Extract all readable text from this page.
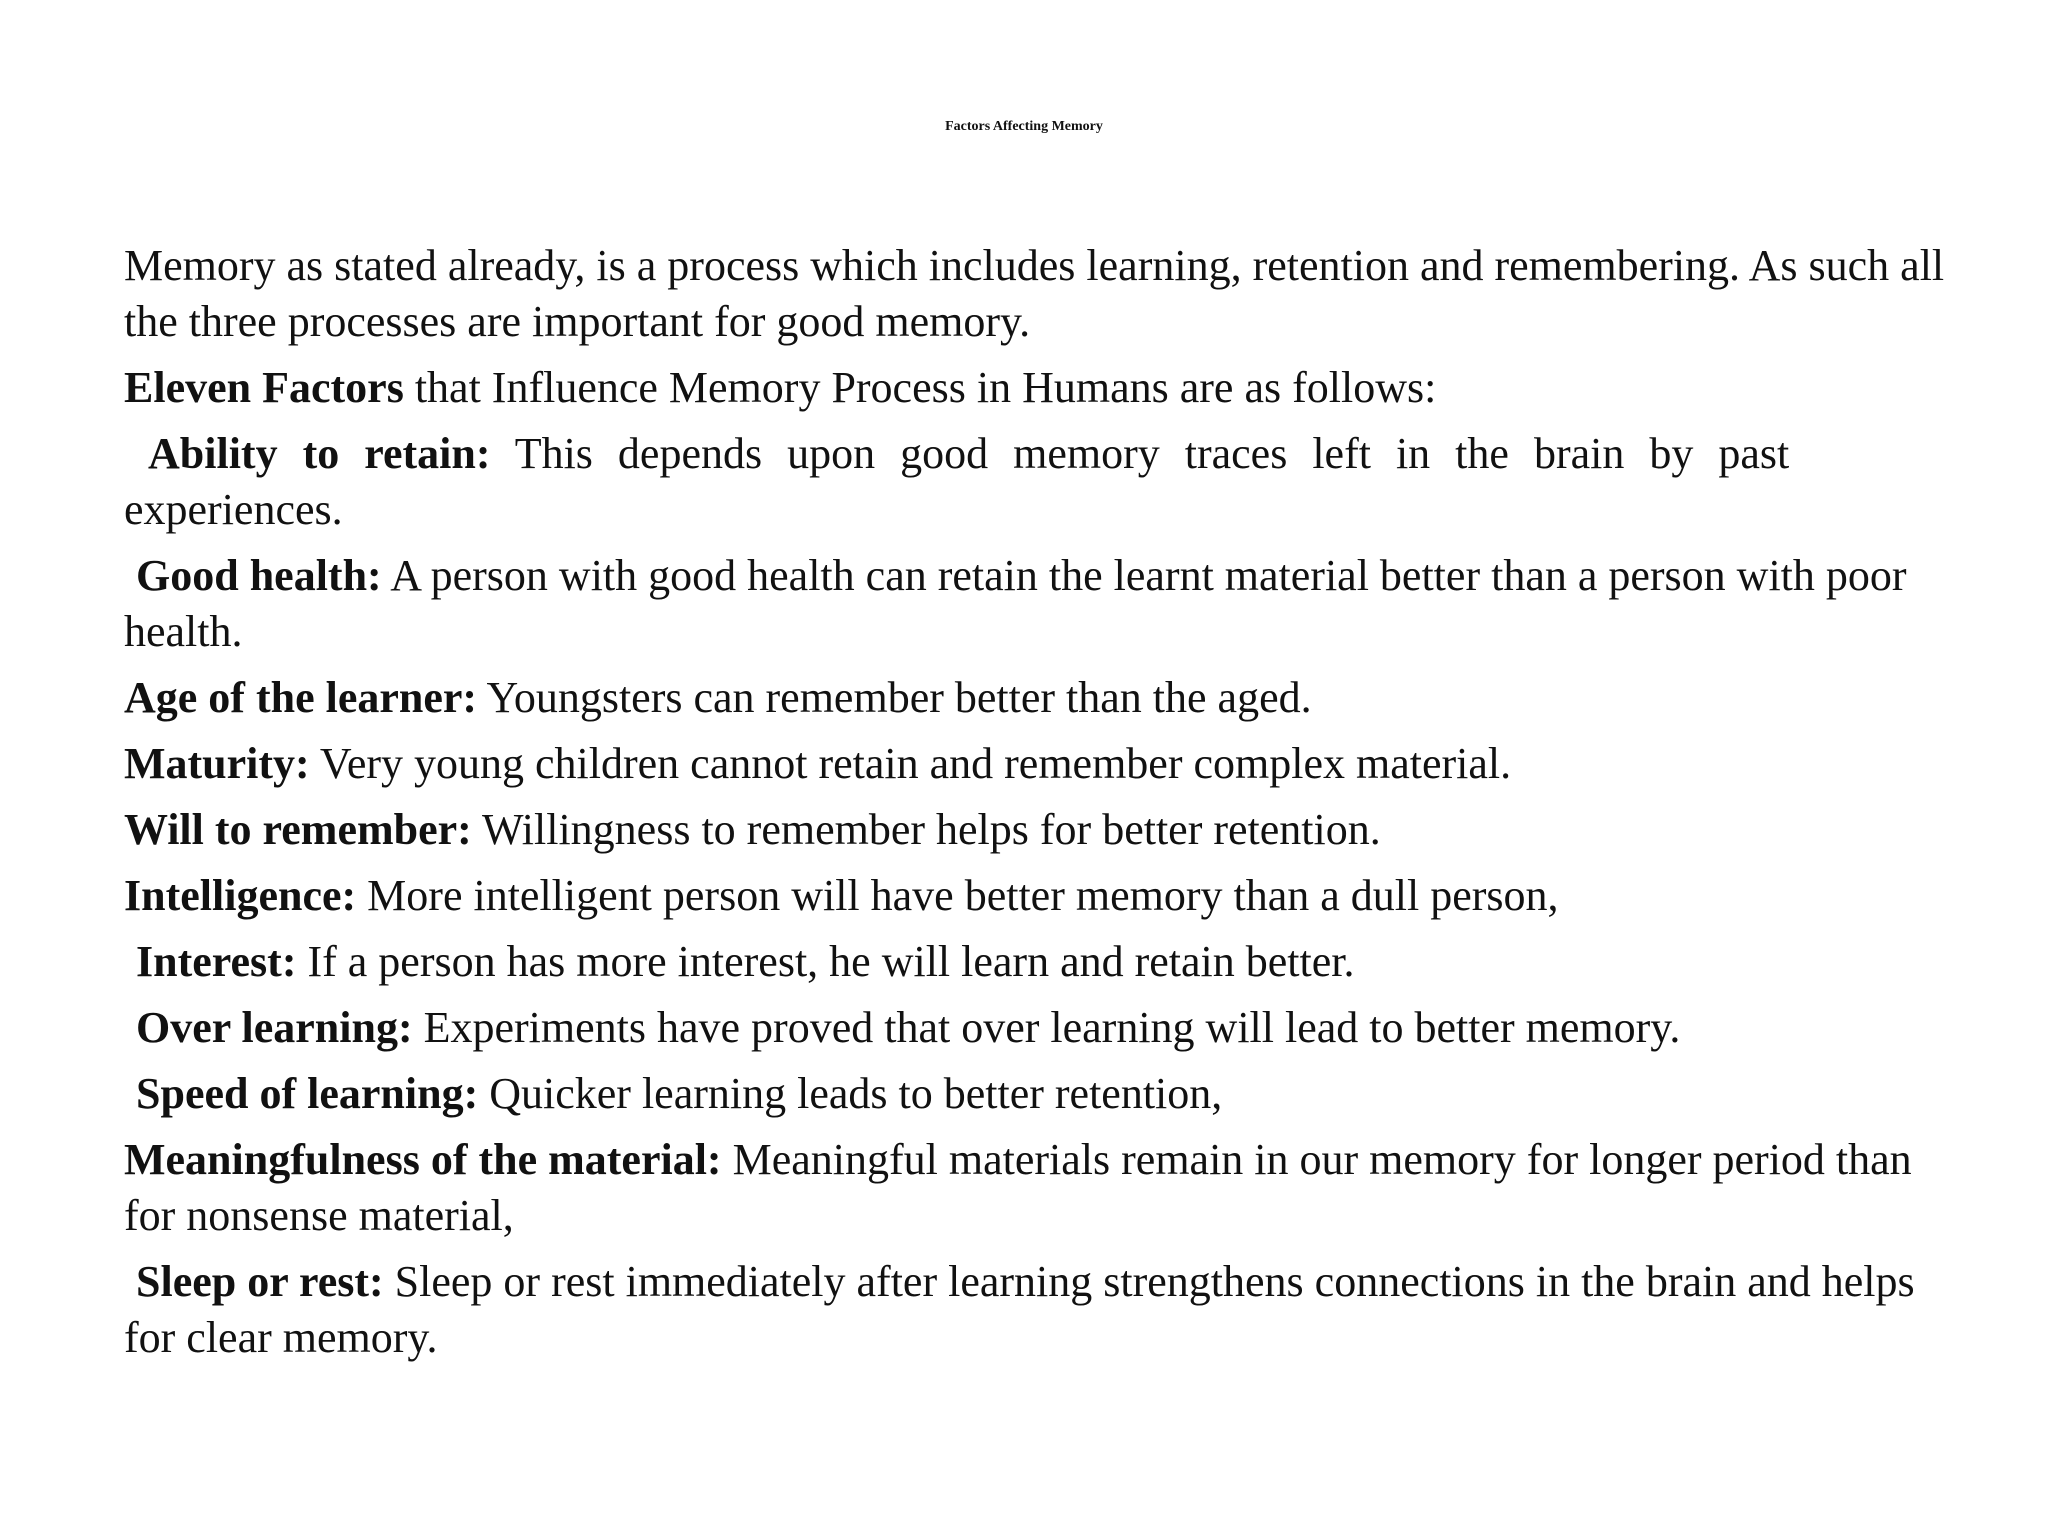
Factors Affecting Memory

Memory as stated already, is a process which includes learning, retention and remembering. As such all the three processes are important for good memory.

Eleven Factors that Influence Memory Process in Humans are as follows:

Ability to retain: This depends upon good memory traces left in the brain by past experiences.

Good health: A person with good health can retain the learnt material better than a person with poor health.

Age of the learner: Youngsters can remember better than the aged.

Maturity: Very young children cannot retain and remember complex material.

Will to remember: Willingness to remember helps for better retention.

Intelligence: More intelligent person will have better memory than a dull person,

Interest: If a person has more interest, he will learn and retain better.

Over learning: Experiments have proved that over learning will lead to better memory.

Speed of learning: Quicker learning leads to better retention,

Meaningfulness of the material: Meaningful materials remain in our memory for longer period than for nonsense material,

Sleep or rest: Sleep or rest immediately after learning strengthens connections in the brain and helps for clear memory.
